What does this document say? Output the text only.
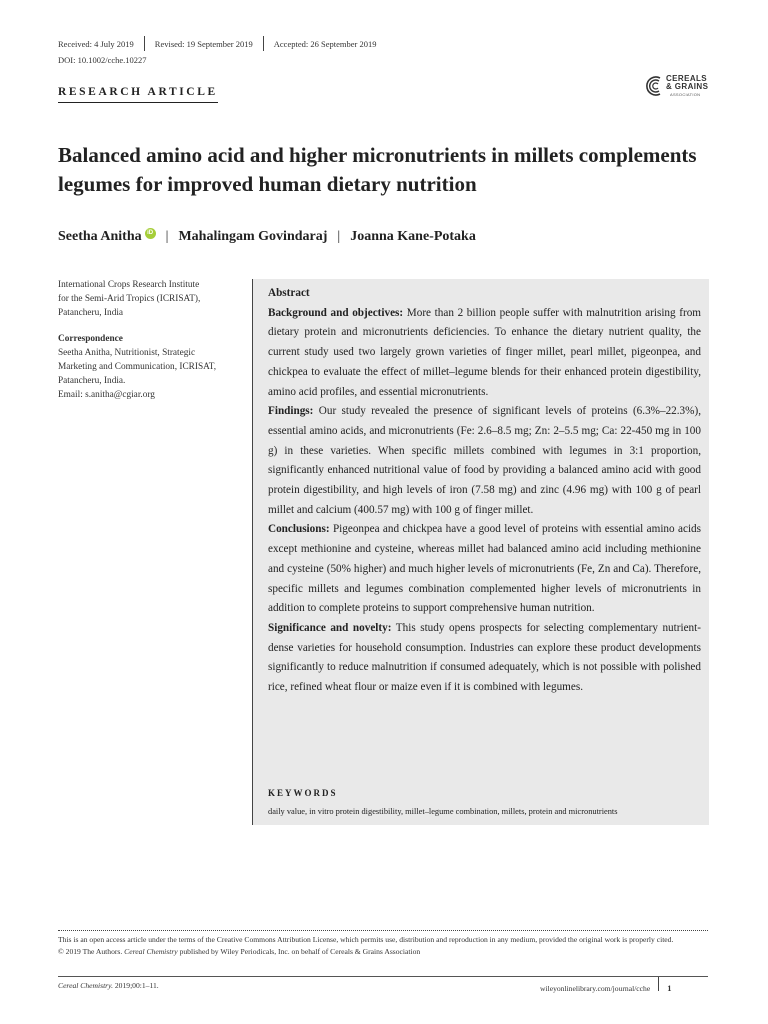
Received: 4 July 2019 Revised: 19 September 2019 Accepted: 26 September 2019
DOI: 10.1002/cche.10227
RESEARCH ARTICLE
CEREALS
& GRAINS
ASSOCIATION
Balanced amino acid and higher micronutrients in millets complements legumes for improved human dietary nutrition
Seetha Anitha iD | Mahalingam Govindaraj | Joanna Kane-Potaka

International Crops Research Institute

for the Semi-Arid Tropics (ICRISAT),

Patancheru, India

Correspondence

Seetha Anitha, Nutritionist, Strategic

Marketing and Communication, ICRISAT,

Patancheru, India.

Email: s.anitha@cgiar.org

Abstract

Background and objectives: More than 2 billion people suffer with malnutrition arising from dietary protein and micronutrients deficiencies. To enhance the dietary nutrient quality, the current study used two largely grown varieties of finger millet, pearl millet, pigeonpea, and chickpea to evaluate the effect of millet–legume blends for their enhanced protein digestibility, amino acid profiles, and essential micronutrients.

Findings: Our study revealed the presence of significant levels of proteins (6.3%–22.3%), essential amino acids, and micronutrients (Fe: 2.6–8.5 mg; Zn: 2–5.5 mg; Ca: 22-450 mg in 100 g) in these varieties. When specific millets combined with legumes in 3:1 proportion, significantly enhanced nutritional value of food by providing a balanced amino acid with good protein digestibility, and high levels of iron (7.58 mg) and zinc (4.96 mg) with 100 g of pearl millet and calcium (400.57 mg) with 100 g of finger millet.

Conclusions: Pigeonpea and chickpea have a good level of proteins with essential amino acids except methionine and cysteine, whereas millet had balanced amino acid including methionine and cysteine (50% higher) and much higher levels of micronutrients (Fe, Zn and Ca). Therefore, specific millets and legumes combination complemented higher levels of micronutrients in addition to complete proteins to support comprehensive human nutrition.

Significance and novelty: This study opens prospects for selecting complementary nutrient-dense varieties for household consumption. Industries can explore these product developments significantly to reduce malnutrition if consumed adequately, which is not possible with polished rice, refined wheat flour or maize even if it is combined with legumes.

KEYWORDS
daily value, in vitro protein digestibility, millet–legume combination, millets, protein and micronutrients

This is an open access article under the terms of the Creative Commons Attribution License, which permits use, distribution and reproduction in any medium, provided the original work is properly cited.

© 2019 The Authors. Cereal Chemistry published by Wiley Periodicals, Inc. on behalf of Cereals & Grains Association

Cereal Chemistry. 2019;00:1–11.	wileyonlinelibrary.com/journal/cche 1
